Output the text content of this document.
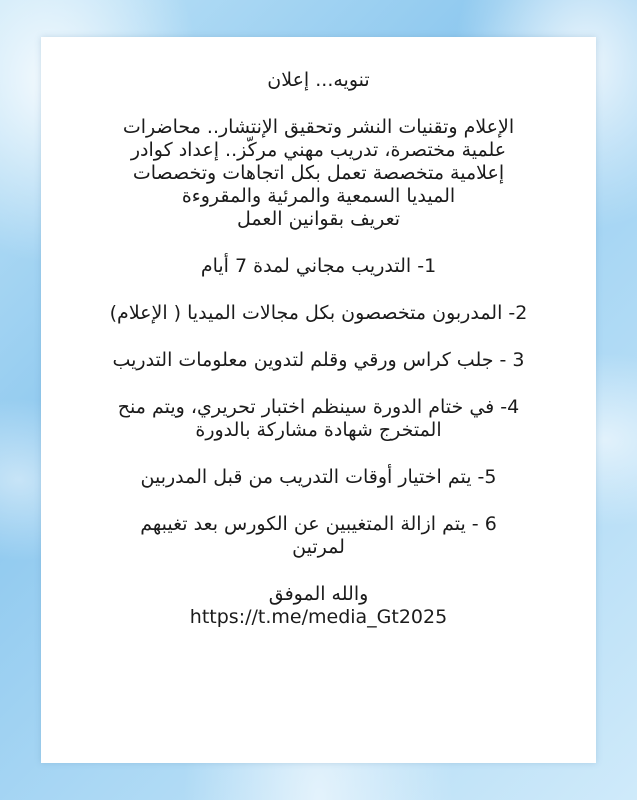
تنويه... إعلان
الإعلام وتقنيات النشر وتحقيق الإنتشار.. محاضرات
علمية مختصرة، تدريب مهني مركّز.. إعداد كوادر
إعلامية متخصصة تعمل بكل اتجاهات وتخصصات
الميديا السمعية والمرئية والمقروءة
تعريف بقوانين العمل
1- التدريب مجاني لمدة 7 أيام
2- المدربون متخصصون بكل مجالات الميديا ( الإعلام)
3 - جلب كراس ورقي وقلم لتدوين معلومات التدريب
4- في ختام الدورة سينظم اختبار تحريري، ويتم منح
المتخرج شهادة مشاركة بالدورة
5- يتم اختيار أوقات التدريب من قبل المدربين
6 - يتم ازالة المتغيبين عن الكورس بعد تغيبهم
لمرتين
والله الموفق
https://t.me/media_Gt2025
